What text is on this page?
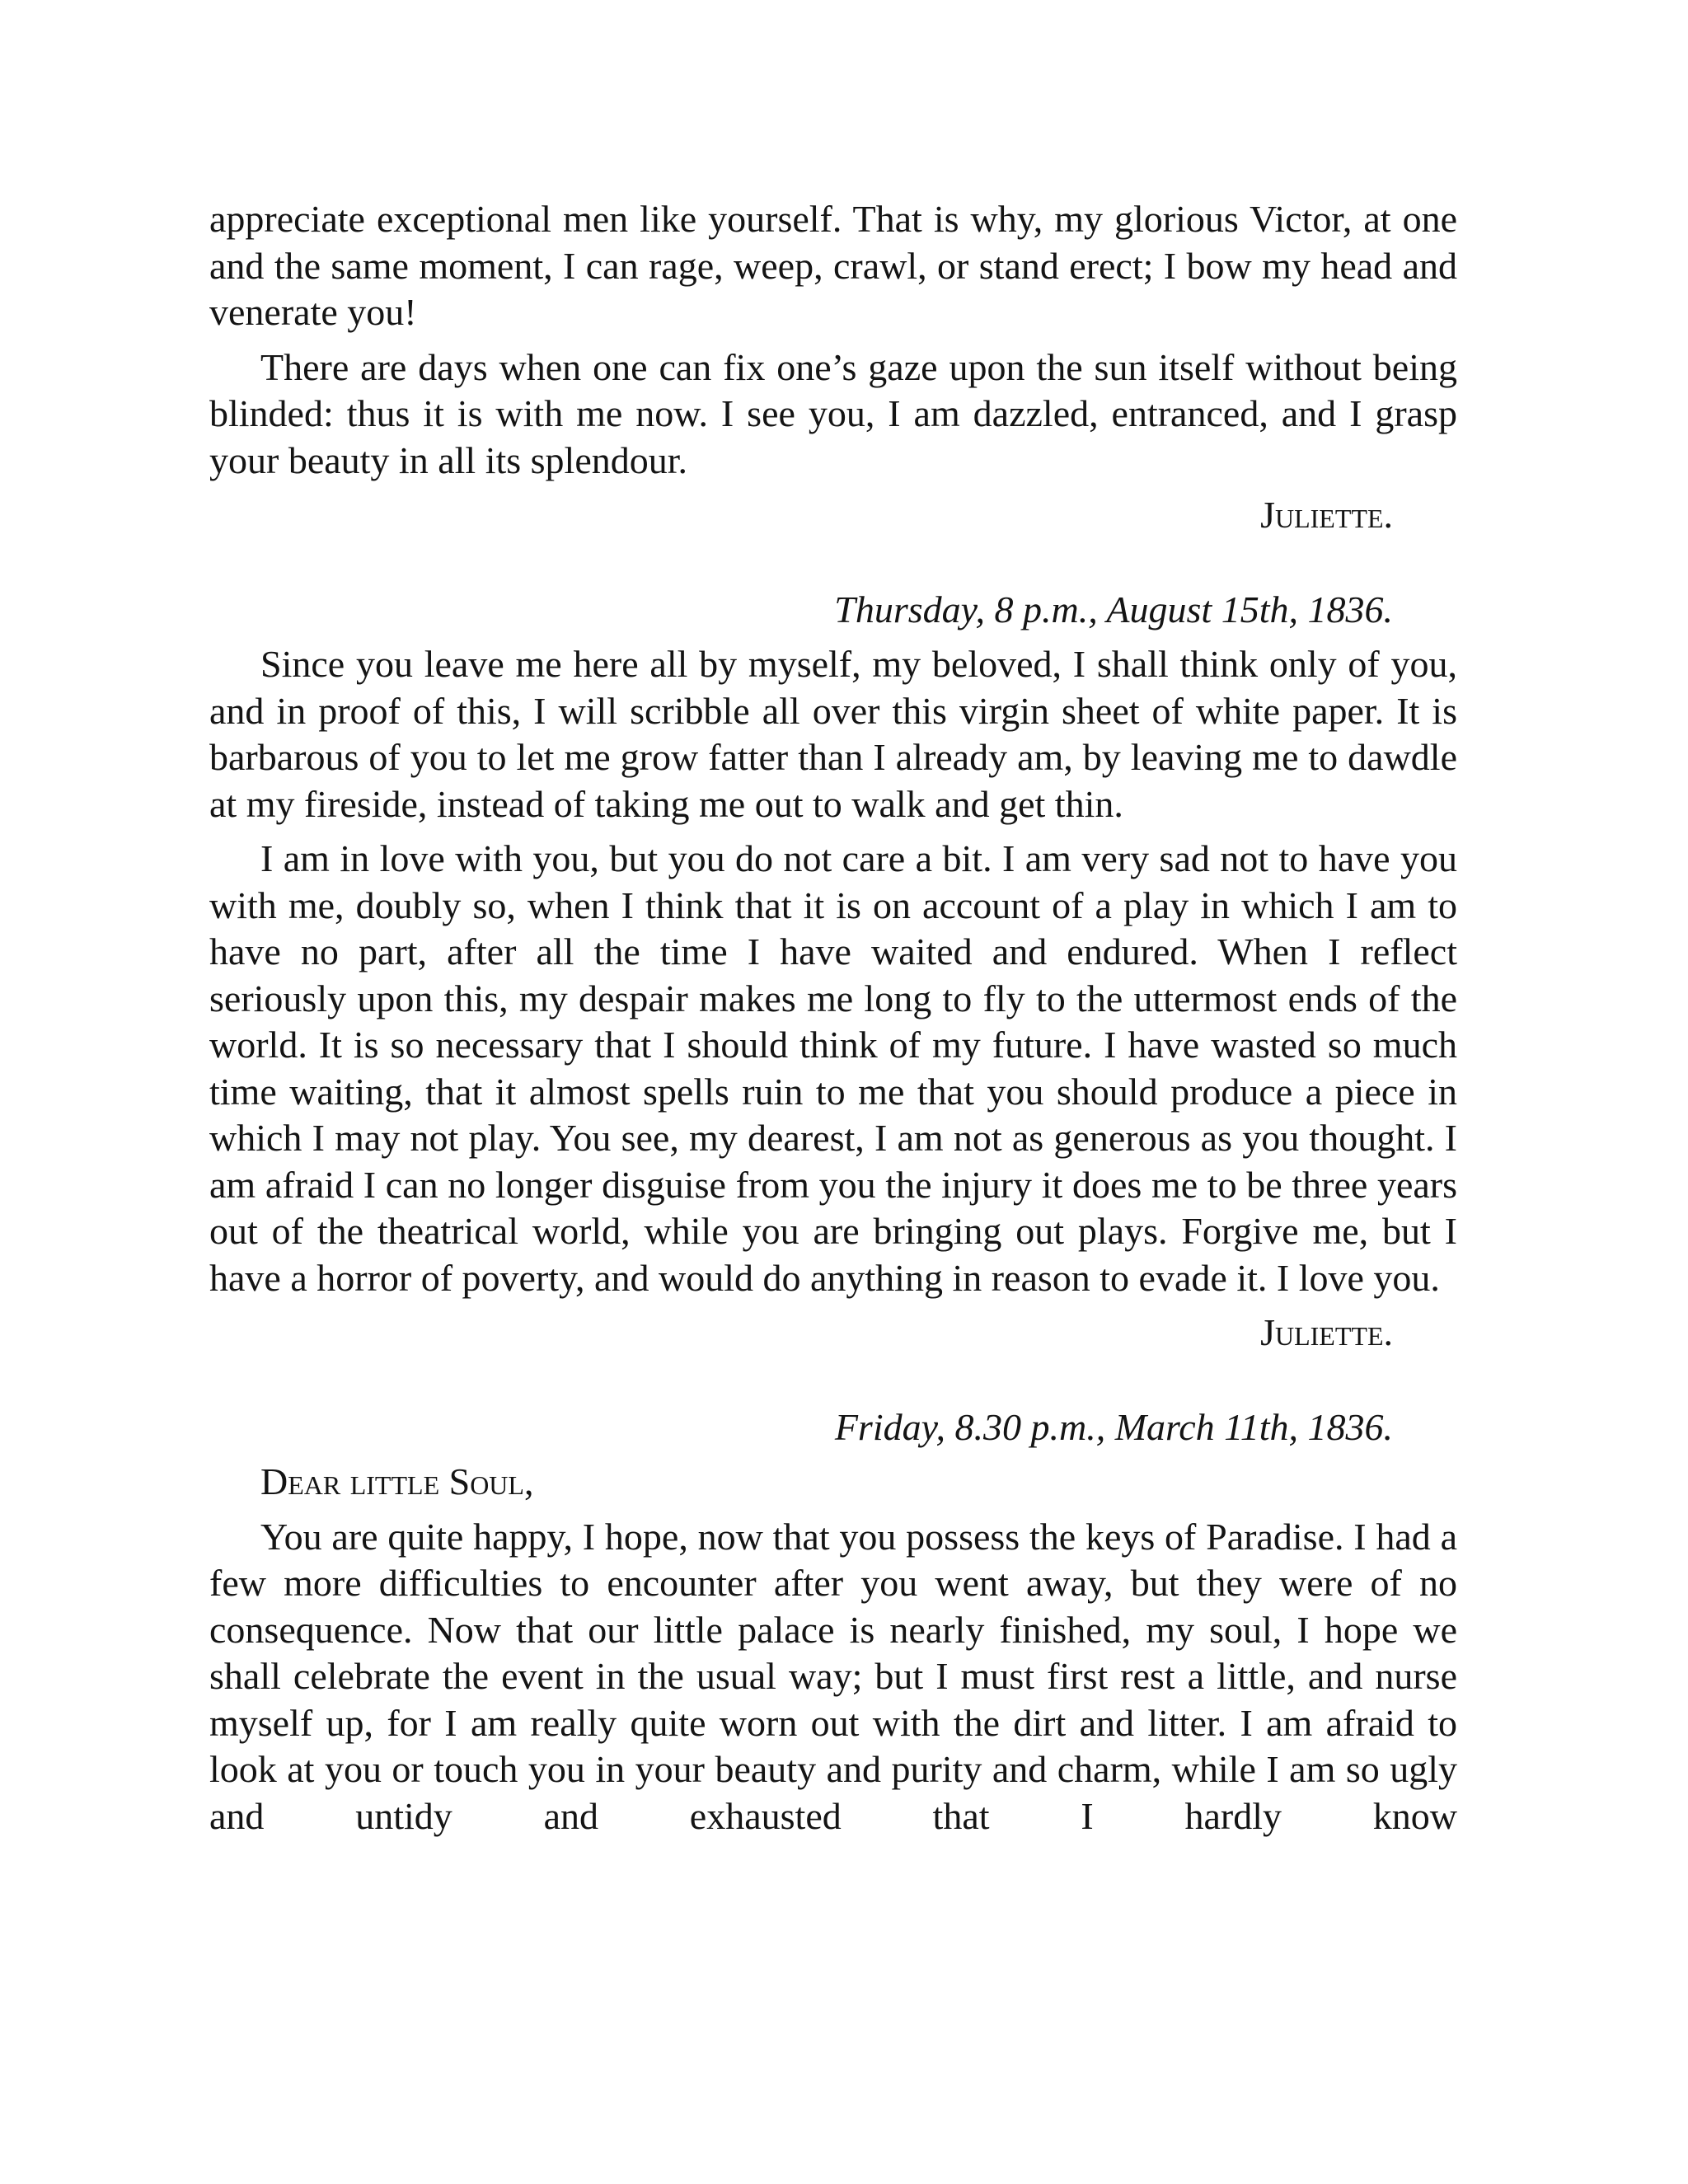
appreciate exceptional men like yourself. That is why, my glorious Victor, at one and the same moment, I can rage, weep, crawl, or stand erect; I bow my head and venerate you!

There are days when one can fix one’s gaze upon the sun itself without being blinded: thus it is with me now. I see you, I am dazzled, entranced, and I grasp your beauty in all its splendour.

Juliette.

Thursday, 8 p.m., August 15th, 1836.

Since you leave me here all by myself, my beloved, I shall think only of you, and in proof of this, I will scribble all over this virgin sheet of white paper. It is barbarous of you to let me grow fatter than I already am, by leaving me to dawdle at my fireside, instead of taking me out to walk and get thin.

I am in love with you, but you do not care a bit. I am very sad not to have you with me, doubly so, when I think that it is on account of a play in which I am to have no part, after all the time I have waited and endured. When I reflect seriously upon this, my despair makes me long to fly to the uttermost ends of the world. It is so necessary that I should think of my future. I have wasted so much time waiting, that it almost spells ruin to me that you should produce a piece in which I may not play. You see, my dearest, I am not as generous as you thought. I am afraid I can no longer disguise from you the injury it does me to be three years out of the theatrical world, while you are bringing out plays. Forgive me, but I have a horror of poverty, and would do anything in reason to evade it. I love you.

Juliette.

Friday, 8.30 p.m., March 11th, 1836.

Dear little Soul,

You are quite happy, I hope, now that you possess the keys of Paradise. I had a few more difficulties to encounter after you went away, but they were of no consequence. Now that our little palace is nearly finished, my soul, I hope we shall celebrate the event in the usual way; but I must first rest a little, and nurse myself up, for I am really quite worn out with the dirt and litter. I am afraid to look at you or touch you in your beauty and purity and charm, while I am so ugly and untidy and exhausted that I hardly know
